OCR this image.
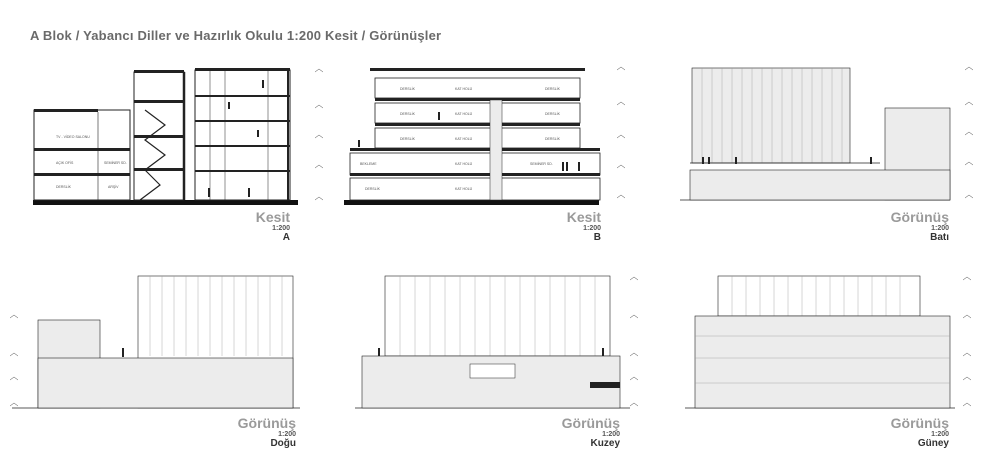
A Blok / Yabancı Diller ve Hazırlık Okulu 1:200 Kesit / Görünüşler
TV - VİDEO SALONU
AÇIK OFİS	SEMİNER SD.
DERSLİK	ARŞİV
Kesit
1:200
A
DERSLİK	KAT HOLÜ	DERSLİK
DERSLİK	KAT HOLÜ	DERSLİK
DERSLİK	KAT HOLÜ	DERSLİK
BEKLEME	KAT HOLÜ	SEMİNER SD.
DERSLİK	KAT HOLÜ
Kesit
1:200
B
Görünüş
1:200
Batı
Görünüş
1:200
Doğu
Görünüş
1:200
Kuzey
Görünüş
1:200
Güney
